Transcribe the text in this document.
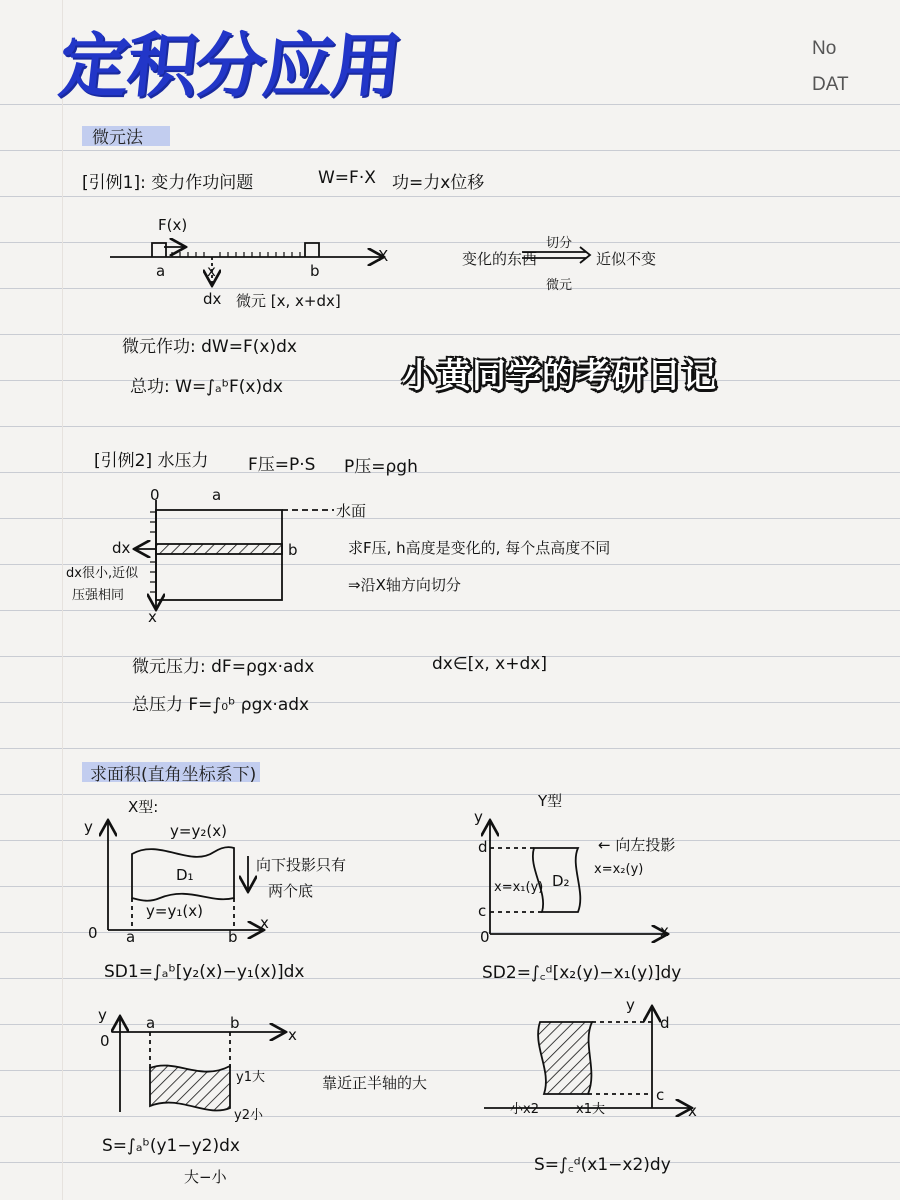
定积分应用	No
DAT
微元法
[引例1]: 变力作功问题	W=F·X 功=力x位移
F(x)
a	x	b
X
dx 微元 [x, x+dx]
变化的东西
切分
微元
近似不变
微元作功: dW=F(x)dx
总功: W=∫ₐᵇF(x)dx	小黄同学的考研日记
[引例2] 水压力 F压=P·S P压=ρgh
0	a
水面
dx	b
x
dx很小,近似
压强相同
求F压, h高度是变化的, 每个点高度不同
⇒沿X轴方向切分
微元压力: dF=ρgx·adx	dx∈[x, x+dx]
总压力 F=∫₀ᵇ ρgx·adx
求面积(直角坐标系下)
X型:
y	y=y₂(x)
D₁
y=y₁(x)
向下投影只有
两个底
0 a	b
x
SD1=∫ₐᵇ[y₂(x)−y₁(x)]dx
Y型
y
← 向左投影
d
c
x=x₁(y) D₂
x=x₂(y)
0	x
SD2=∫꜀ᵈ[x₂(y)−x₁(y)]dy
y	a	b
x
0
y1大
y2小
靠近正半轴的大
S=∫ₐᵇ(y1−y2)dx
大−小
y
d
c
x
小x2	x1大
S=∫꜀ᵈ(x1−x2)dy
